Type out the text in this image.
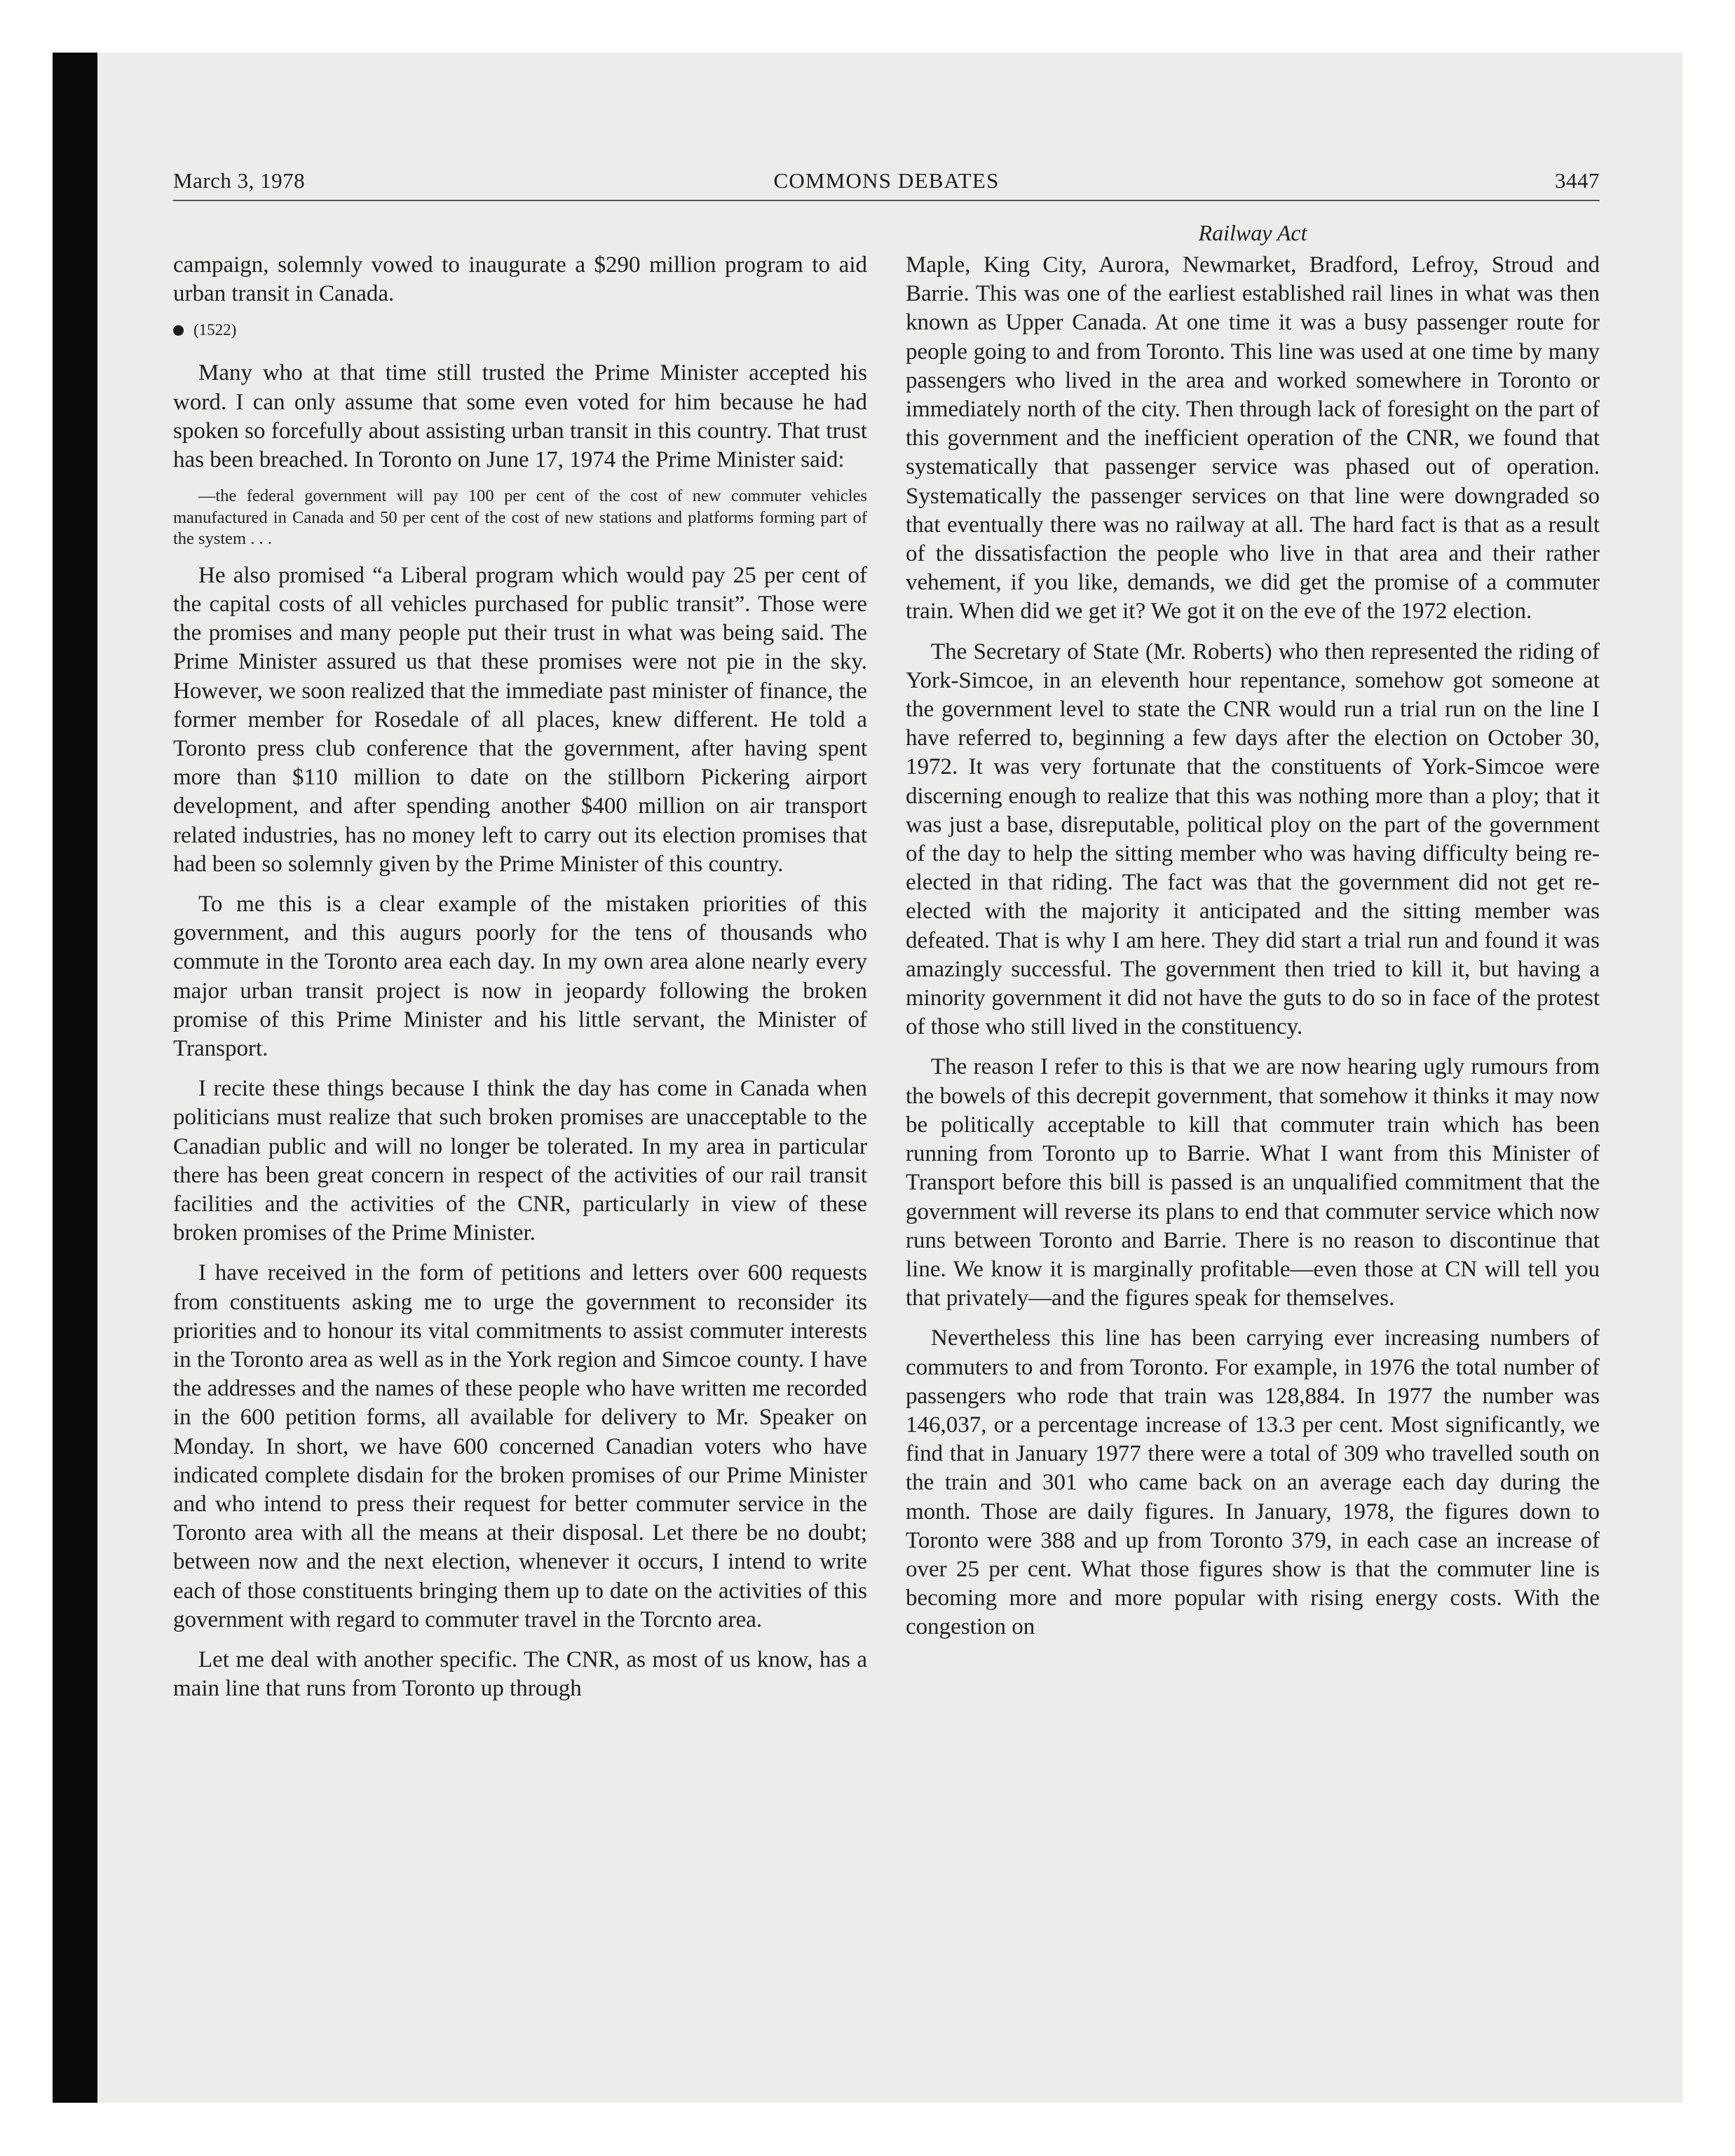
March 3, 1978	COMMONS DEBATES	3447
Railway Act

campaign, solemnly vowed to inaugurate a $290 million program to aid urban transit in Canada.

(1522)

Many who at that time still trusted the Prime Minister accepted his word. I can only assume that some even voted for him because he had spoken so forcefully about assisting urban transit in this country. That trust has been breached. In Toronto on June 17, 1974 the Prime Minister said:

—the federal government will pay 100 per cent of the cost of new commuter vehicles manufactured in Canada and 50 per cent of the cost of new stations and platforms forming part of the system . . .

He also promised “a Liberal program which would pay 25 per cent of the capital costs of all vehicles purchased for public transit”. Those were the promises and many people put their trust in what was being said. The Prime Minister assured us that these promises were not pie in the sky. However, we soon realized that the immediate past minister of finance, the former member for Rosedale of all places, knew different. He told a Toronto press club conference that the government, after having spent more than $110 million to date on the stillborn Pickering airport development, and after spending another $400 million on air transport related industries, has no money left to carry out its election promises that had been so solemnly given by the Prime Minister of this country.

To me this is a clear example of the mistaken priorities of this government, and this augurs poorly for the tens of thousands who commute in the Toronto area each day. In my own area alone nearly every major urban transit project is now in jeopardy following the broken promise of this Prime Minister and his little servant, the Minister of Transport.

I recite these things because I think the day has come in Canada when politicians must realize that such broken promises are unacceptable to the Canadian public and will no longer be tolerated. In my area in particular there has been great concern in respect of the activities of our rail transit facilities and the activities of the CNR, particularly in view of these broken promises of the Prime Minister.

I have received in the form of petitions and letters over 600 requests from constituents asking me to urge the government to reconsider its priorities and to honour its vital commitments to assist commuter interests in the Toronto area as well as in the York region and Simcoe county. I have the addresses and the names of these people who have written me recorded in the 600 petition forms, all available for delivery to Mr. Speaker on Monday. In short, we have 600 concerned Canadian voters who have indicated complete disdain for the broken promises of our Prime Minister and who intend to press their request for better commuter service in the Toronto area with all the means at their disposal. Let there be no doubt; between now and the next election, whenever it occurs, I intend to write each of those constituents bringing them up to date on the activities of this government with regard to commuter travel in the Torcnto area.

Let me deal with another specific. The CNR, as most of us know, has a main line that runs from Toronto up through

Maple, King City, Aurora, Newmarket, Bradford, Lefroy, Stroud and Barrie. This was one of the earliest established rail lines in what was then known as Upper Canada. At one time it was a busy passenger route for people going to and from Toronto. This line was used at one time by many passengers who lived in the area and worked somewhere in Toronto or immediately north of the city. Then through lack of foresight on the part of this government and the inefficient operation of the CNR, we found that systematically that passenger service was phased out of operation. Systematically the passenger services on that line were downgraded so that eventually there was no railway at all. The hard fact is that as a result of the dissatisfaction the people who live in that area and their rather vehement, if you like, demands, we did get the promise of a commuter train. When did we get it? We got it on the eve of the 1972 election.

The Secretary of State (Mr. Roberts) who then represented the riding of York-Simcoe, in an eleventh hour repentance, somehow got someone at the government level to state the CNR would run a trial run on the line I have referred to, beginning a few days after the election on October 30, 1972. It was very fortunate that the constituents of York-Simcoe were discerning enough to realize that this was nothing more than a ploy; that it was just a base, disreputable, political ploy on the part of the government of the day to help the sitting member who was having difficulty being re-elected in that riding. The fact was that the government did not get re-elected with the majority it anticipated and the sitting member was defeated. That is why I am here. They did start a trial run and found it was amazingly successful. The government then tried to kill it, but having a minority government it did not have the guts to do so in face of the protest of those who still lived in the constituency.

The reason I refer to this is that we are now hearing ugly rumours from the bowels of this decrepit government, that somehow it thinks it may now be politically acceptable to kill that commuter train which has been running from Toronto up to Barrie. What I want from this Minister of Transport before this bill is passed is an unqualified commitment that the government will reverse its plans to end that commuter service which now runs between Toronto and Barrie. There is no reason to discontinue that line. We know it is marginally profitable—even those at CN will tell you that privately—and the figures speak for themselves.

Nevertheless this line has been carrying ever increasing numbers of commuters to and from Toronto. For example, in 1976 the total number of passengers who rode that train was 128,884. In 1977 the number was 146,037, or a percentage increase of 13.3 per cent. Most significantly, we find that in January 1977 there were a total of 309 who travelled south on the train and 301 who came back on an average each day during the month. Those are daily figures. In January, 1978, the figures down to Toronto were 388 and up from Toronto 379, in each case an increase of over 25 per cent. What those figures show is that the commuter line is becoming more and more popular with rising energy costs. With the congestion on
